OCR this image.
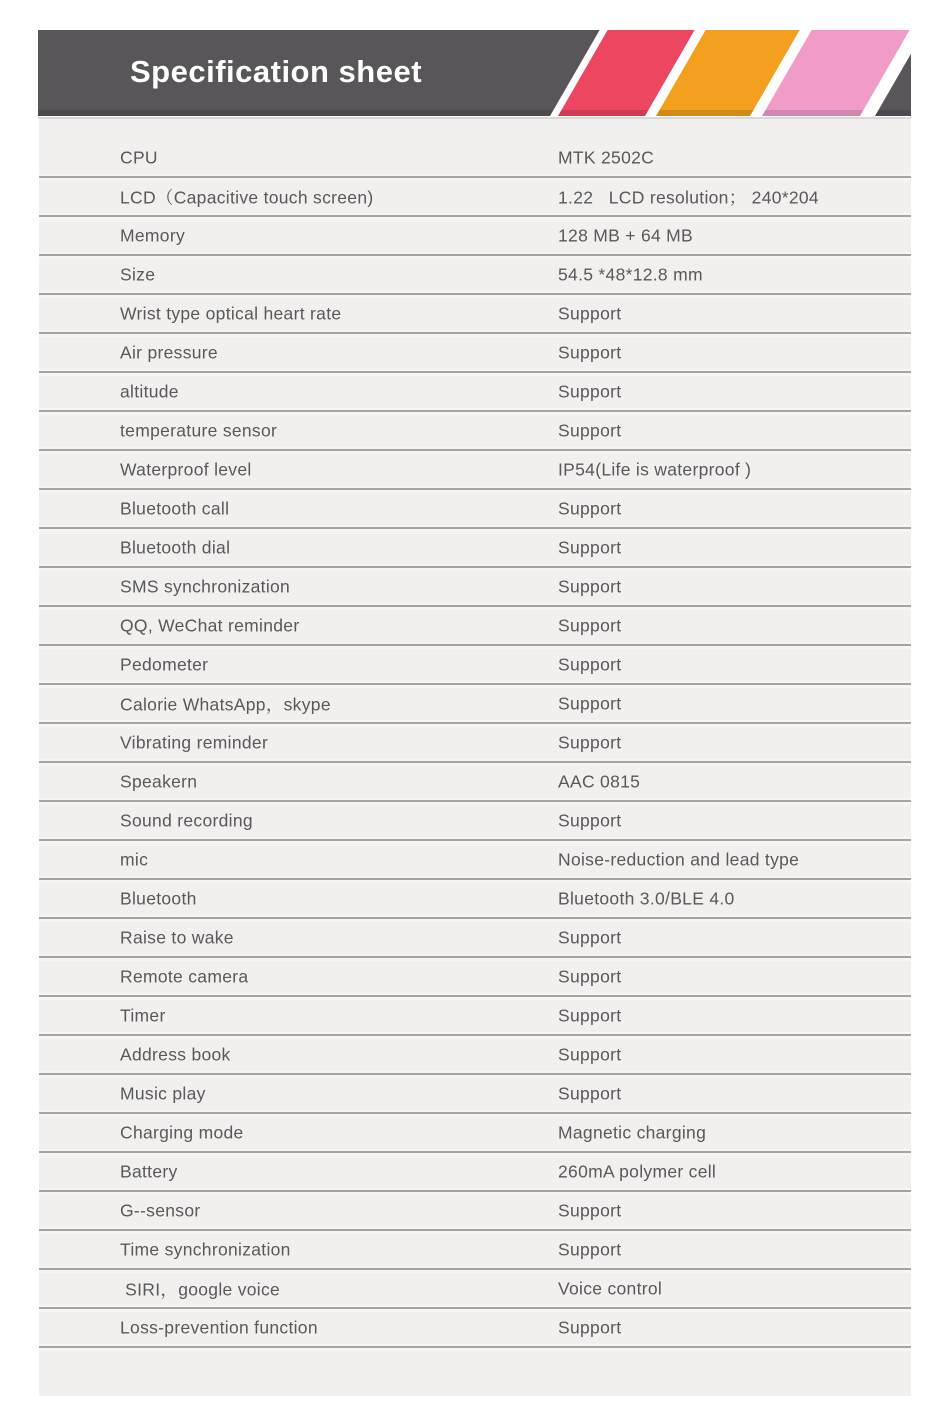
Specification sheet
CPU	MTK 2502C
LCD（Capacitive touch screen)	1.22   LCD resolution； 240*204
Memory	128 MB + 64 MB
Size	54.5 *48*12.8 mm
Wrist type optical heart rate	Support
Air pressure	Support
altitude	Support
temperature sensor	Support
Waterproof level	IP54(Life is waterproof )
Bluetooth call	Support
Bluetooth dial	Support
SMS synchronization	Support
QQ, WeChat reminder	Support
Pedometer	Support
Calorie WhatsApp，skype	Support
Vibrating reminder	Support
Speakern	AAC 0815
Sound recording	Support
mic	Noise-reduction and lead type
Bluetooth	Bluetooth 3.0/BLE 4.0
Raise to wake	Support
Remote camera	Support
Timer	Support
Address book	Support
Music play	Support
Charging mode	Magnetic charging
Battery	260mA polymer cell
G--sensor	Support
Time synchronization	Support
SIRI，google voice	Voice control
Loss-prevention function	Support
